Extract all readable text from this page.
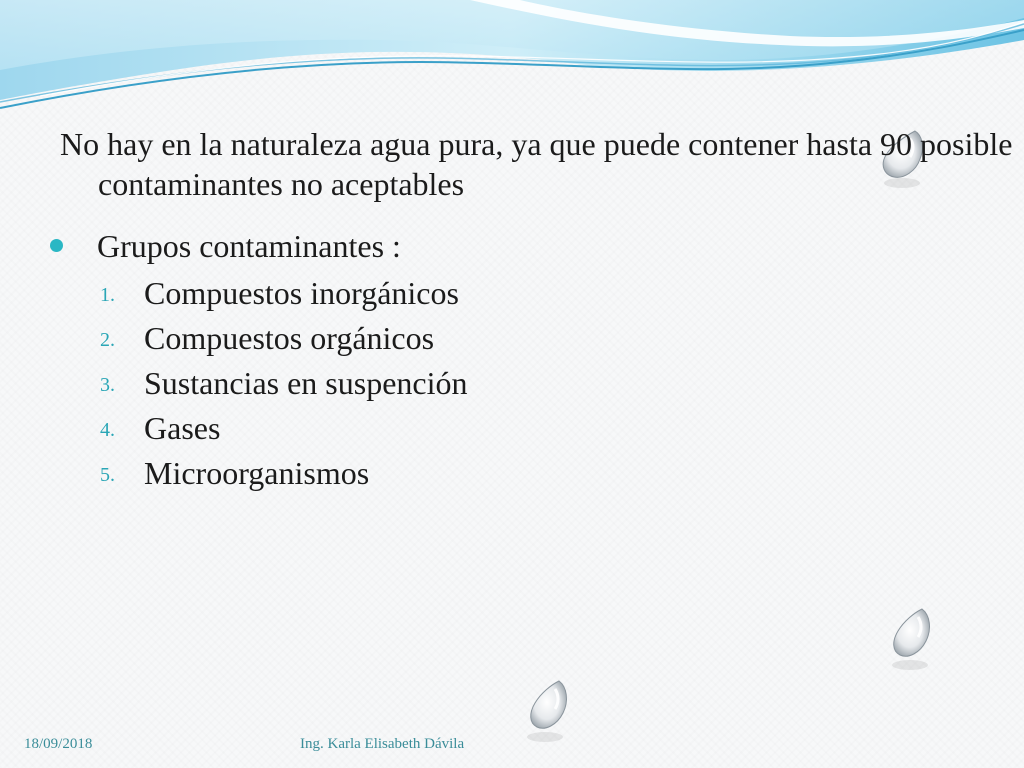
No hay en la naturaleza agua pura, ya que puede contener hasta 90 posible contaminantes no aceptables
Grupos contaminantes :
1. Compuestos inorgánicos
2. Compuestos orgánicos
3. Sustancias en suspención
4. Gases
5. Microorganismos
18/09/2018	Ing. Karla Elisabeth Dávila
